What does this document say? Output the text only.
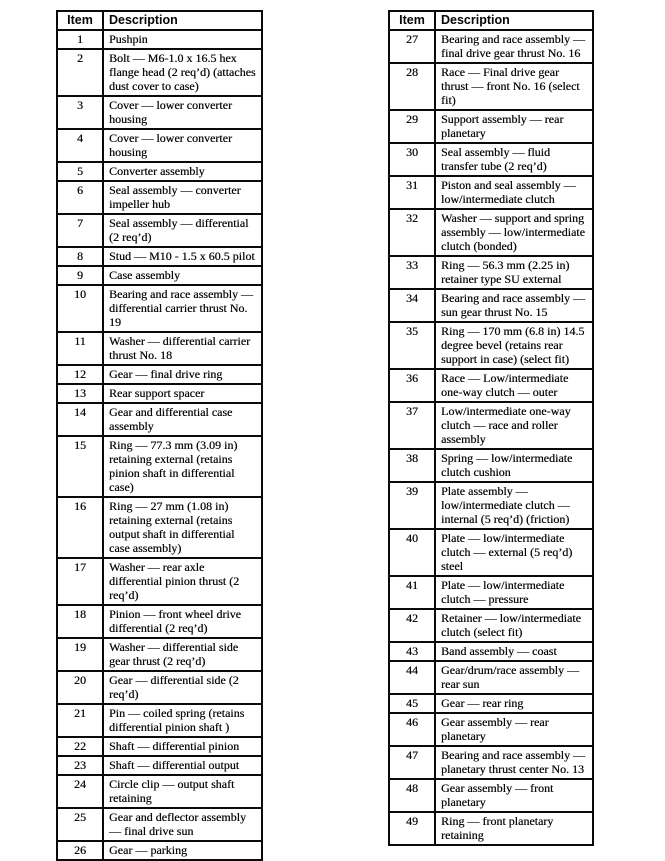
Item	Description
1	Pushpin
2	Bolt — M6-1.0 x 16.5 hex flange head (2 req’d) (attaches dust cover to case)
3	Cover — lower converter housing
4	Cover — lower converter housing
5	Converter assembly
6	Seal assembly — converter impeller hub
7	Seal assembly — differential (2 req’d)
8	Stud — M10 - 1.5 x 60.5 pilot
9	Case assembly
10	Bearing and race assembly — differential carrier thrust No. 19
11	Washer — differential carrier thrust No. 18
12	Gear — final drive ring
13	Rear support spacer
14	Gear and differential case assembly
15	Ring — 77.3 mm (3.09 in) retaining external (retains pinion shaft in differential case)
16	Ring — 27 mm (1.08 in) retaining external (retains output shaft in differential case assembly)
17	Washer — rear axle differential pinion thrust (2 req’d)
18	Pinion — front wheel drive differential (2 req’d)
19	Washer — differential side gear thrust (2 req’d)
20	Gear — differential side (2 req’d)
21	Pin — coiled spring (retains differential pinion shaft )
22	Shaft — differential pinion
23	Shaft — differential output
24	Circle clip — output shaft retaining
25	Gear and deflector assembly — final drive sun
26	Gear — parking
Item	Description
27	Bearing and race assembly — final drive gear thrust No. 16
28	Race — Final drive gear thrust — front No. 16 (select fit)
29	Support assembly — rear planetary
30	Seal assembly — fluid transfer tube (2 req’d)
31	Piston and seal assembly — low/intermediate clutch
32	Washer — support and spring assembly — low/intermediate clutch (bonded)
33	Ring — 56.3 mm (2.25 in) retainer type SU external
34	Bearing and race assembly — sun gear thrust No. 15
35	Ring — 170 mm (6.8 in) 14.5 degree bevel (retains rear support in case) (select fit)
36	Race — Low/intermediate one-way clutch — outer
37	Low/intermediate one-way clutch — race and roller assembly
38	Spring — low/intermediate clutch cushion
39	Plate assembly — low/intermediate clutch — internal (5 req’d) (friction)
40	Plate — low/intermediate clutch — external (5 req’d) steel
41	Plate — low/intermediate clutch — pressure
42	Retainer — low/intermediate clutch (select fit)
43	Band assembly — coast
44	Gear/drum/race assembly — rear sun
45	Gear — rear ring
46	Gear assembly — rear planetary
47	Bearing and race assembly — planetary thrust center No. 13
48	Gear assembly — front planetary
49	Ring — front planetary retaining
